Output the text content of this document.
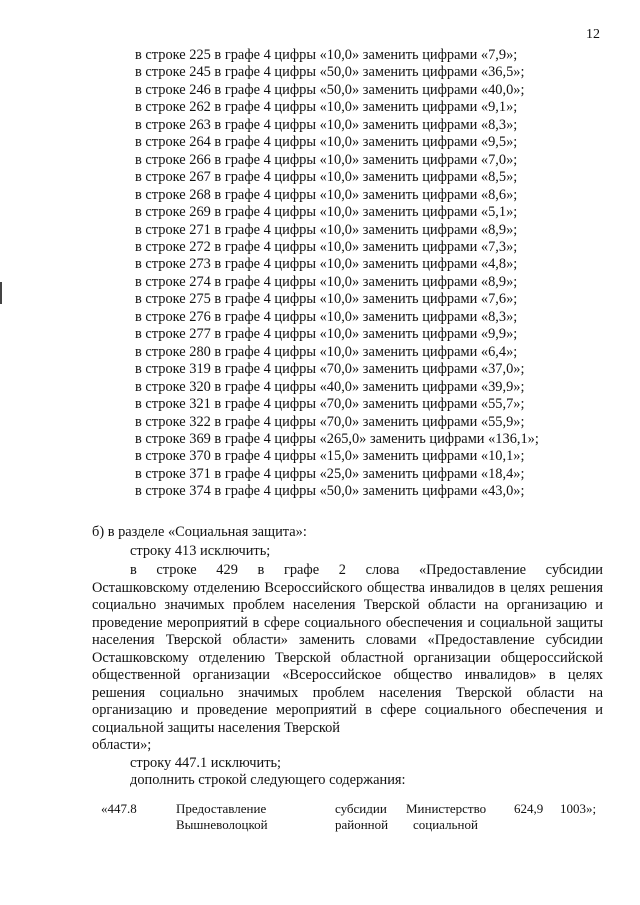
12
в строке 225 в графе 4 цифры «10,0» заменить цифрами «7,9»;
в строке 245 в графе 4 цифры «50,0» заменить цифрами «36,5»;
в строке 246 в графе 4 цифры «50,0» заменить цифрами «40,0»;
в строке 262 в графе 4 цифры «10,0» заменить цифрами «9,1»;
в строке 263 в графе 4 цифры «10,0» заменить цифрами «8,3»;
в строке 264 в графе 4 цифры «10,0» заменить цифрами «9,5»;
в строке 266 в графе 4 цифры «10,0» заменить цифрами «7,0»;
в строке 267 в графе 4 цифры «10,0» заменить цифрами «8,5»;
в строке 268 в графе 4 цифры «10,0» заменить цифрами «8,6»;
в строке 269 в графе 4 цифры «10,0» заменить цифрами «5,1»;
в строке 271 в графе 4 цифры «10,0» заменить цифрами «8,9»;
в строке 272 в графе 4 цифры «10,0» заменить цифрами «7,3»;
в строке 273 в графе 4 цифры «10,0» заменить цифрами «4,8»;
в строке 274 в графе 4 цифры «10,0» заменить цифрами «8,9»;
в строке 275 в графе 4 цифры «10,0» заменить цифрами «7,6»;
в строке 276 в графе 4 цифры «10,0» заменить цифрами «8,3»;
в строке 277 в графе 4 цифры «10,0» заменить цифрами «9,9»;
в строке 280 в графе 4 цифры «10,0» заменить цифрами «6,4»;
в строке 319 в графе 4 цифры «70,0» заменить цифрами «37,0»;
в строке 320 в графе 4 цифры «40,0» заменить цифрами «39,9»;
в строке 321 в графе 4 цифры «70,0» заменить цифрами «55,7»;
в строке 322 в графе 4 цифры «70,0» заменить цифрами «55,9»;
в строке 369 в графе 4 цифры «265,0» заменить цифрами «136,1»;
в строке 370 в графе 4 цифры «15,0» заменить цифрами «10,1»;
в строке 371 в графе 4 цифры «25,0» заменить цифрами «18,4»;
в строке 374 в графе 4 цифры «50,0» заменить цифрами «43,0»;

б) в разделе «Социальная защита»:

строку 413 исключить;

в строке 429 в графе 2 слова «Предоставление субсидии

Осташковскому отделению Всероссийского общества инвалидов в целях решения социально значимых проблем населения Тверской области на организацию и проведение мероприятий в сфере социального обеспечения и социальной защиты населения Тверской области» заменить словами «Предоставление субсидии Осташковскому отделению Тверской областной организации общероссийской общественной организации «Всероссийское общество инвалидов» в целях решения социально значимых проблем населения Тверской области на организацию и проведение мероприятий в сфере социального обеспечения и социальной защиты населения Тверской

области»;

строку 447.1 исключить;

дополнить строкой следующего содержания:

«447.8	Предоставление
Вышневолоцкой
субсидии
районной
Министерство
социальной
624,9 1003»;
